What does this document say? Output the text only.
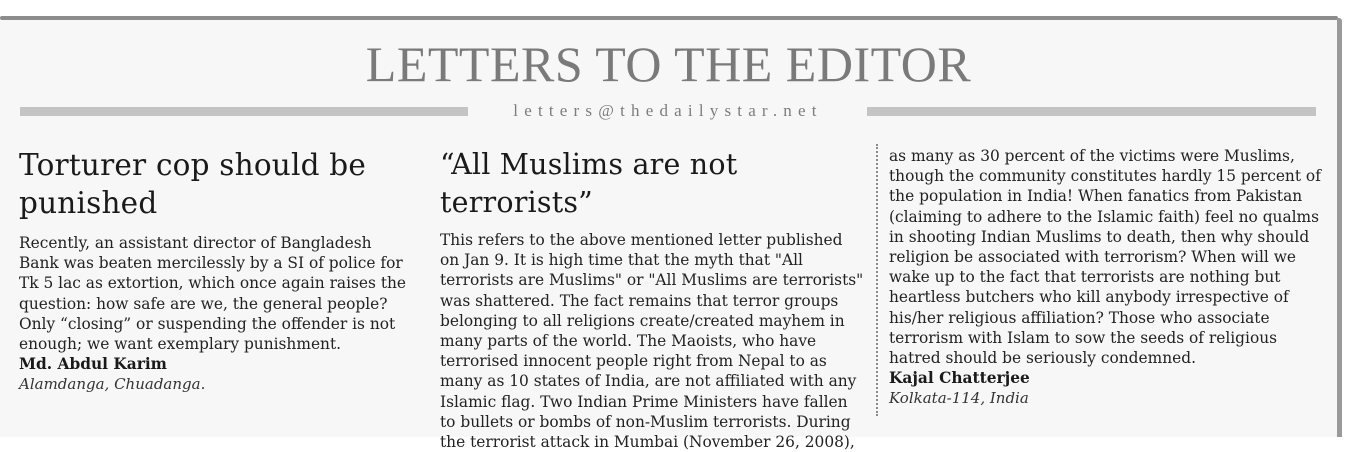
LETTERS TO THE EDITOR
letters@thedailystar.net
Torturer cop should be
punished
Recently, an assistant director of Bangladesh
Bank was beaten mercilessly by a SI of police for
Tk 5 lac as extortion, which once again raises the
question: how safe are we, the general people?
Only “closing” or suspending the offender is not
enough; we want exemplary punishment.

Md. Abdul Karim

Alamdanga, Chuadanga.

“All Muslims are not terrorists”
This refers to the above mentioned letter published
on Jan 9. It is high time that the myth that "All
terrorists are Muslims" or "All Muslims are terrorists"
was shattered. The fact remains that terror groups
belonging to all religions create/created mayhem in
many parts of the world. The Maoists, who have
terrorised innocent people right from Nepal to as
many as 10 states of India, are not affiliated with any
Islamic flag. Two Indian Prime Ministers have fallen
to bullets or bombs of non-Muslim terrorists. During
the terrorist attack in Mumbai (November 26, 2008),
as many as 30 percent of the victims were Muslims,
though the community constitutes hardly 15 percent of
the population in India! When fanatics from Pakistan
(claiming to adhere to the Islamic faith) feel no qualms
in shooting Indian Muslims to death, then why should
religion be associated with terrorism? When will we
wake up to the fact that terrorists are nothing but
heartless butchers who kill anybody irrespective of
his/her religious affiliation? Those who associate
terrorism with Islam to sow the seeds of religious
hatred should be seriously condemned.

Kajal Chatterjee

Kolkata-114, India
